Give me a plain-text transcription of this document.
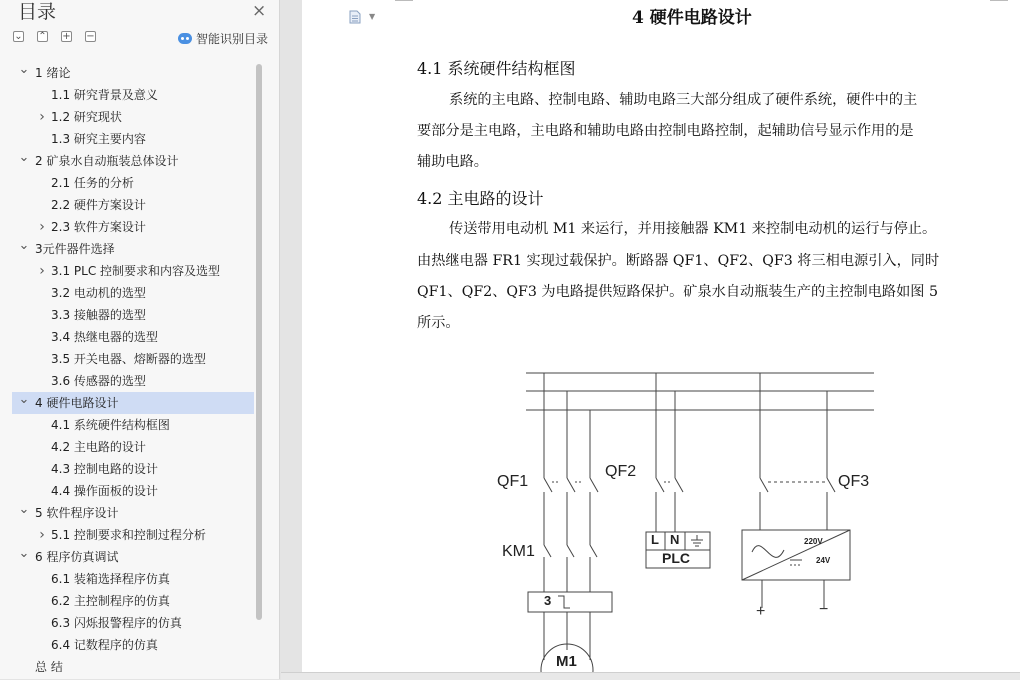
目录	×
⌄ ⌃ + −	智能识别目录
⌄ 1 绪论
1.1 研究背景及意义
› 1.2 研究现状
1.3 研究主要内容
⌄ 2 矿泉水自动瓶装总体设计
2.1 任务的分析
2.2 硬件方案设计
› 2.3 软件方案设计
⌄ 3元件器件选择
› 3.1 PLC 控制要求和内容及选型
3.2 电动机的选型
3.3 接触器的选型
3.4 热继电器的选型
3.5 开关电器、熔断器的选型
3.6 传感器的选型
⌄ 4 硬件电路设计
4.1 系统硬件结构框图
4.2 主电路的设计
4.3 控制电路的设计
4.4 操作面板的设计
⌄ 5 软件程序设计
› 5.1 控制要求和控制过程分析
⌄ 6 程序仿真调试
6.1 装箱选择程序仿真
6.2 主控制程序的仿真
6.3 闪烁报警程序的仿真
6.4 记数程序的仿真
总 结
▼	4 硬件电路设计
4.1 系统硬件结构框图
系统的主电路、控制电路、辅助电路三大部分组成了硬件系统，硬件中的主
要部分是主电路，主电路和辅助电路由控制电路控制，起辅助信号显示作用的是
辅助电路。
4.2 主电路的设计
传送带用电动机 M1 来运行，并用接触器 KM1 来控制电动机的运行与停止。
由热继电器 FR1 实现过载保护。断路器 QF1、QF2、QF3 将三相电源引入，同时
QF1、QF2、QF3 为电路提供短路保护。矿泉水自动瓶装生产的主控制电路如图 5
所示。
QF1
QF2
QF3
KM1
L N
PLC
3
220V
24V
+	−
M1
